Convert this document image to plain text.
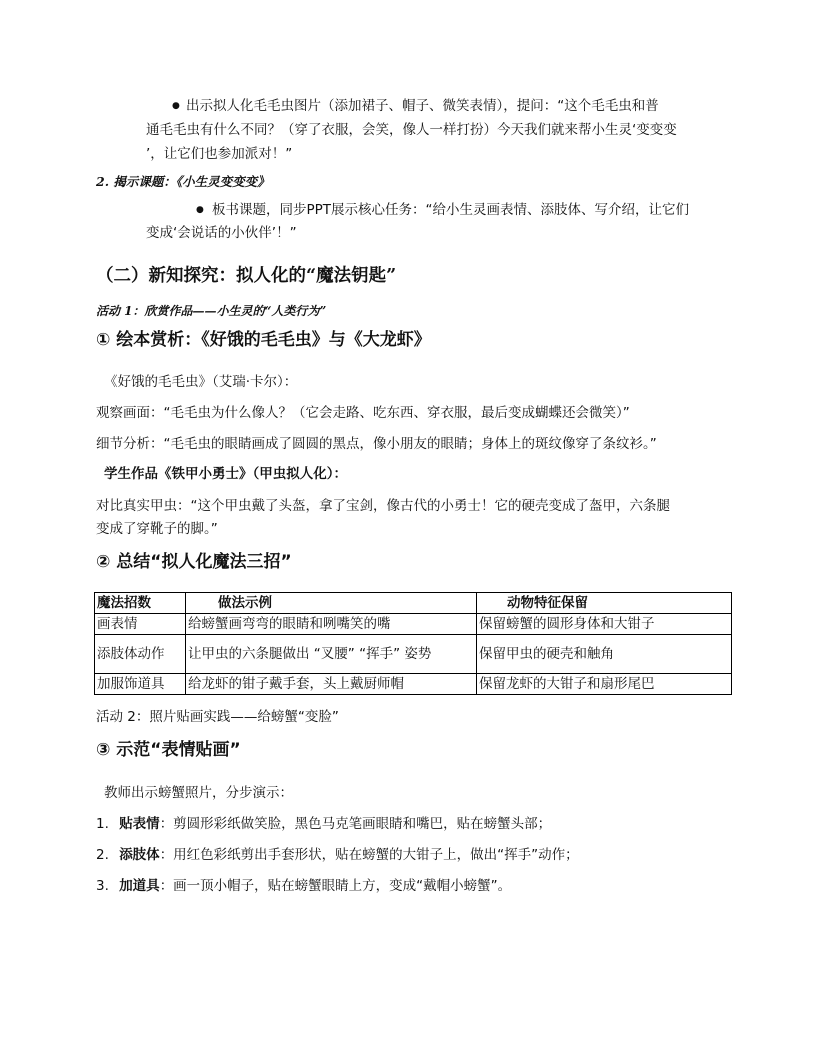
● 出示拟人化毛毛虫图片（添加裙子、帽子、微笑表情），提问：“这个毛毛虫和普
通毛毛虫有什么不同？（穿了衣服，会笑，像人一样打扮）今天我们就来帮小生灵‘变变变
’，让它们也参加派对！”
2. 揭示课题：《小生灵变变变》
● 板书课题，同步PPT展示核心任务：“给小生灵画表情、添肢体、写介绍，让它们
变成‘会说话的小伙伴’！”
（二）新知探究：拟人化的“魔法钥匙”
活动 1：欣赏作品——小生灵的“人类行为”
① 绘本赏析：《好饿的毛毛虫》与《大龙虾》
《好饿的毛毛虫》（艾瑞·卡尔）：
观察画面：“毛毛虫为什么像人？（它会走路、吃东西、穿衣服，最后变成蝴蝶还会微笑）”
细节分析：“毛毛虫的眼睛画成了圆圆的黑点，像小朋友的眼睛；身体上的斑纹像穿了条纹衫。”
学生作品《铁甲小勇士》（甲虫拟人化）：
对比真实甲虫：“这个甲虫戴了头盔，拿了宝剑，像古代的小勇士！它的硬壳变成了盔甲，六条腿
变成了穿靴子的脚。”
② 总结“拟人化魔法三招”
魔法招数	做法示例	动物特征保留
画表情	给螃蟹画弯弯的眼睛和咧嘴笑的嘴	保留螃蟹的圆形身体和大钳子
添肢体动作	让甲虫的六条腿做出 “叉腰” “挥手” 姿势	保留甲虫的硬壳和触角
加服饰道具	给龙虾的钳子戴手套，头上戴厨师帽	保留龙虾的大钳子和扇形尾巴
活动 2：照片贴画实践——给螃蟹“变脸”
③ 示范“表情贴画”
教师出示螃蟹照片，分步演示：
1. 贴表情：剪圆形彩纸做笑脸，黑色马克笔画眼睛和嘴巴，贴在螃蟹头部；
2. 添肢体：用红色彩纸剪出手套形状，贴在螃蟹的大钳子上，做出“挥手”动作；
3. 加道具：画一顶小帽子，贴在螃蟹眼睛上方，变成“戴帽小螃蟹”。
